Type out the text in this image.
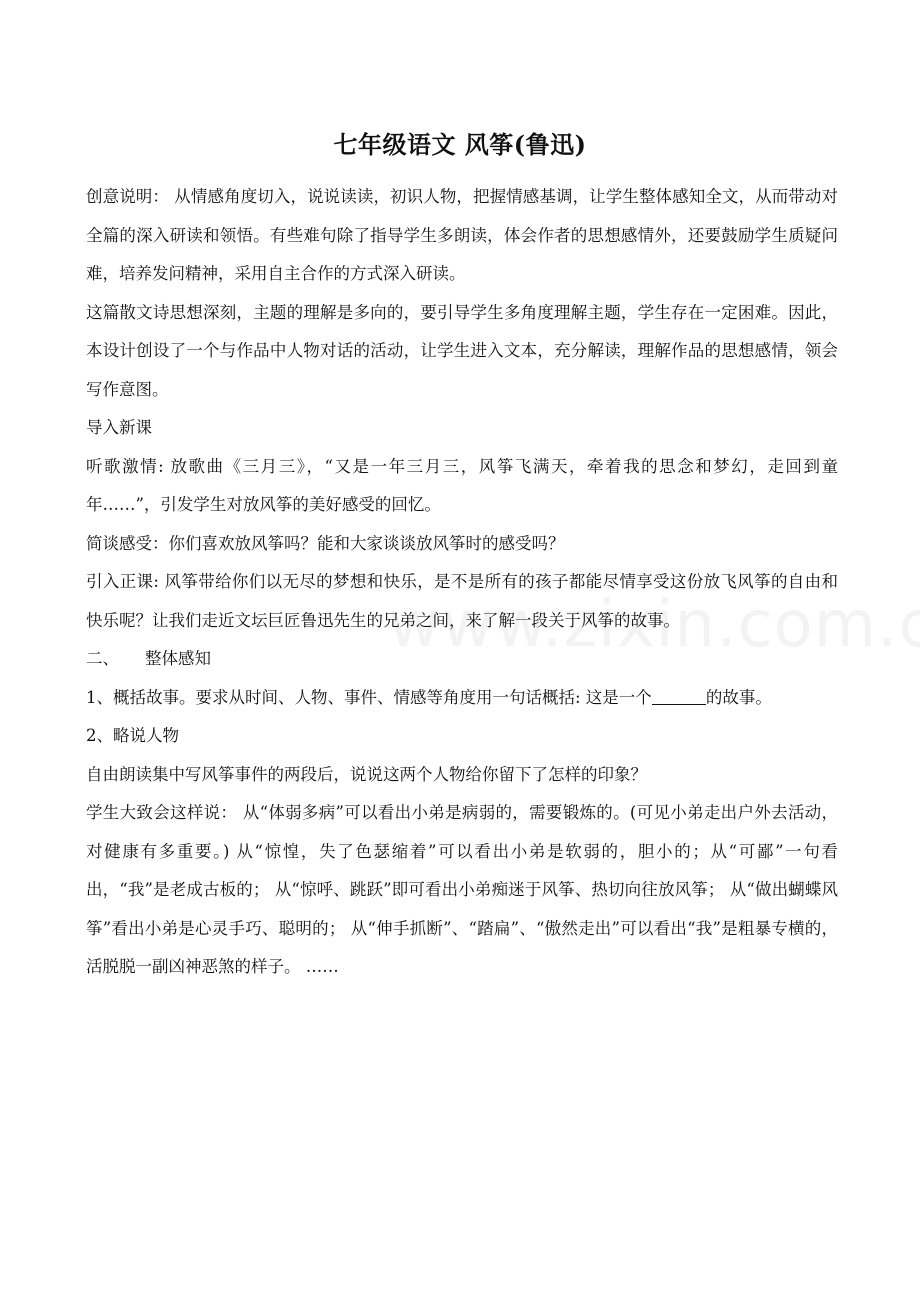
七年级语文 风筝(鲁迅)

创意说明： 从情感角度切入，说说读读，初识人物，把握情感基调，让学生整体感知全文，从而带动对全篇的深入研读和领悟。有些难句除了指导学生多朗读，体会作者的思想感情外，还要鼓励学生质疑问难，培养发问精神，采用自主合作的方式深入研读。

这篇散文诗思想深刻，主题的理解是多向的，要引导学生多角度理解主题，学生存在一定困难。因此，本设计创设了一个与作品中人物对话的活动，让学生进入文本，充分解读，理解作品的思想感情，领会写作意图。

导入新课

听歌激情: 放歌曲《三月三》，“又是一年三月三，风筝飞满天，牵着我的思念和梦幻，走回到童年……”，引发学生对放风筝的美好感受的回忆。

简谈感受：你们喜欢放风筝吗？能和大家谈谈放风筝时的感受吗？

引入正课: 风筝带给你们以无尽的梦想和快乐，是不是所有的孩子都能尽情享受这份放飞风筝的自由和快乐呢？让我们走近文坛巨匠鲁迅先生的兄弟之间，来了解一段关于风筝的故事。

二、 整体感知

1、概括故事。要求从时间、人物、事件、情感等角度用一句话概括: 这是一个	的故事。

2、略说人物

自由朗读集中写风筝事件的两段后，说说这两个人物给你留下了怎样的印象？

学生大致会这样说： 从“体弱多病”可以看出小弟是病弱的，需要锻炼的。(可见小弟走出户外去活动，对健康有多重要。) 从“惊惶，失了色瑟缩着”可以看出小弟是软弱的，胆小的；从“可鄙”一句看出，“我”是老成古板的； 从“惊呼、跳跃”即可看出小弟痴迷于风筝、热切向往放风筝； 从“做出蝴蝶风筝”看出小弟是心灵手巧、聪明的； 从“伸手抓断”、“踏扁”、“傲然走出”可以看出“我”是粗暴专横的，活脱脱一副凶神恶煞的样子。 ……
